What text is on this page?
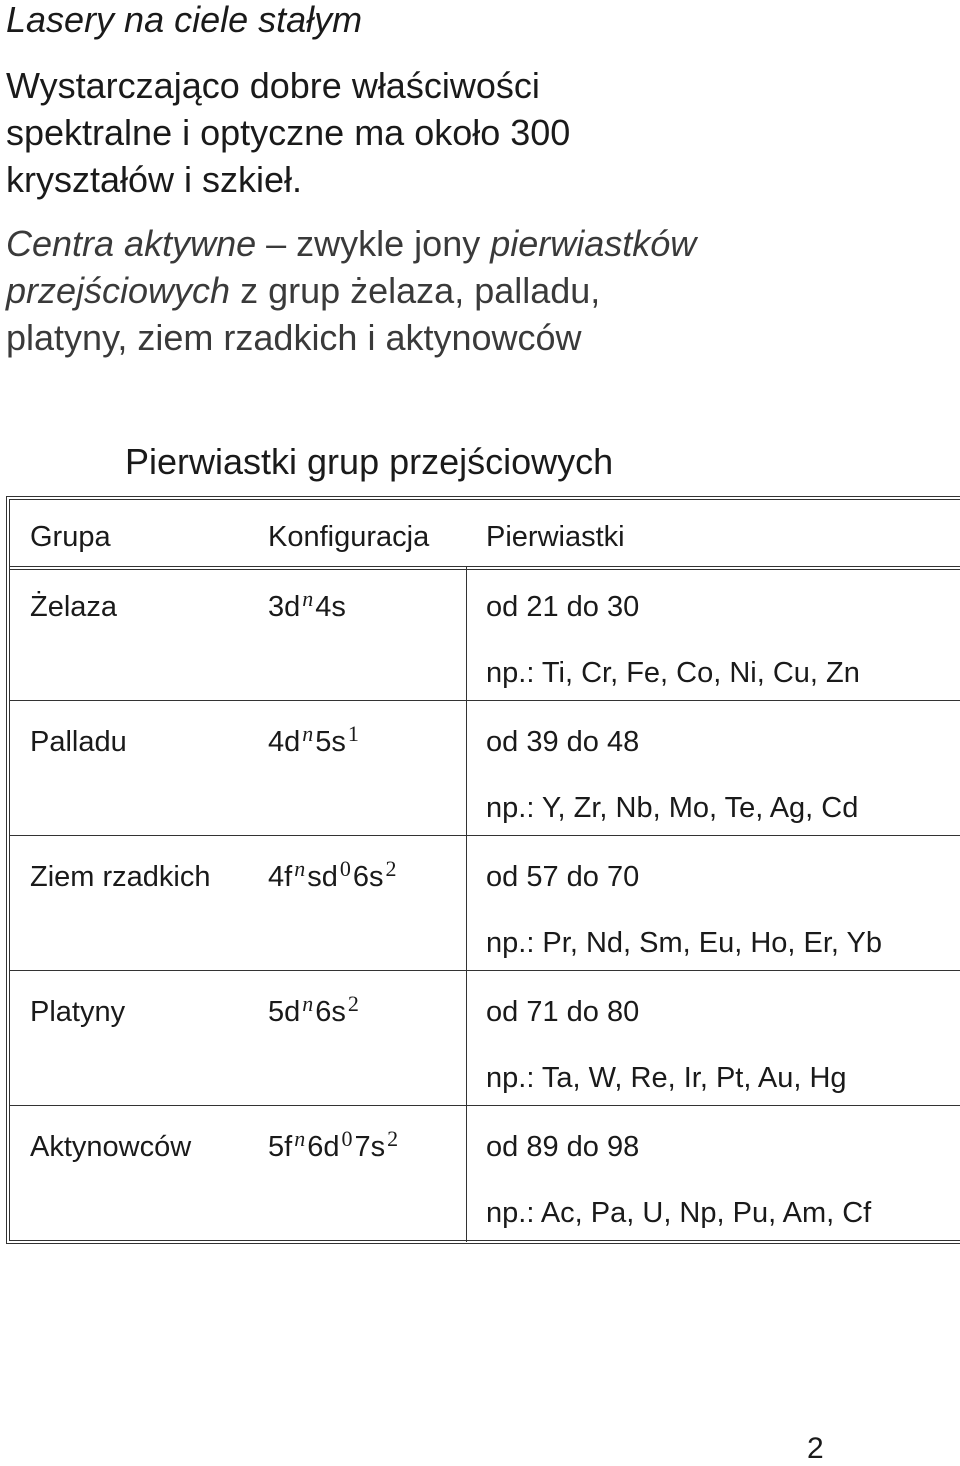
Lasery na ciele stałym
Wystarczająco dobre właściwości
spektralne i optyczne ma około 300
kryształów i szkieł.
Centra aktywne – zwykle jony pierwiastków
przejściowych z grup żelaza, palladu,
platyny, ziem rzadkich i aktynowców
Pierwiastki grup przejściowych
Grupa	Konfiguracja Pierwiastki
Żelaza	$3d^n4s$	od 21 do 30
np.: Ti, Cr, Fe, Co, Ni, Cu, Zn
Palladu	$4d^n5s^1$	od 39 do 48
np.: Y, Zr, Nb, Mo, Te, Ag, Cd
Ziem rzadkich $4f^nsd^06s^2$	od 57 do 70
np.: Pr, Nd, Sm, Eu, Ho, Er, Yb
Platyny	$5d^n6s^2$	od 71 do 80
np.: Ta, W, Re, Ir, Pt, Au, Hg
Aktynowców	$5f^n6d^07s^2$	od 89 do 98
np.: Ac, Pa, U, Np, Pu, Am, Cf
2
